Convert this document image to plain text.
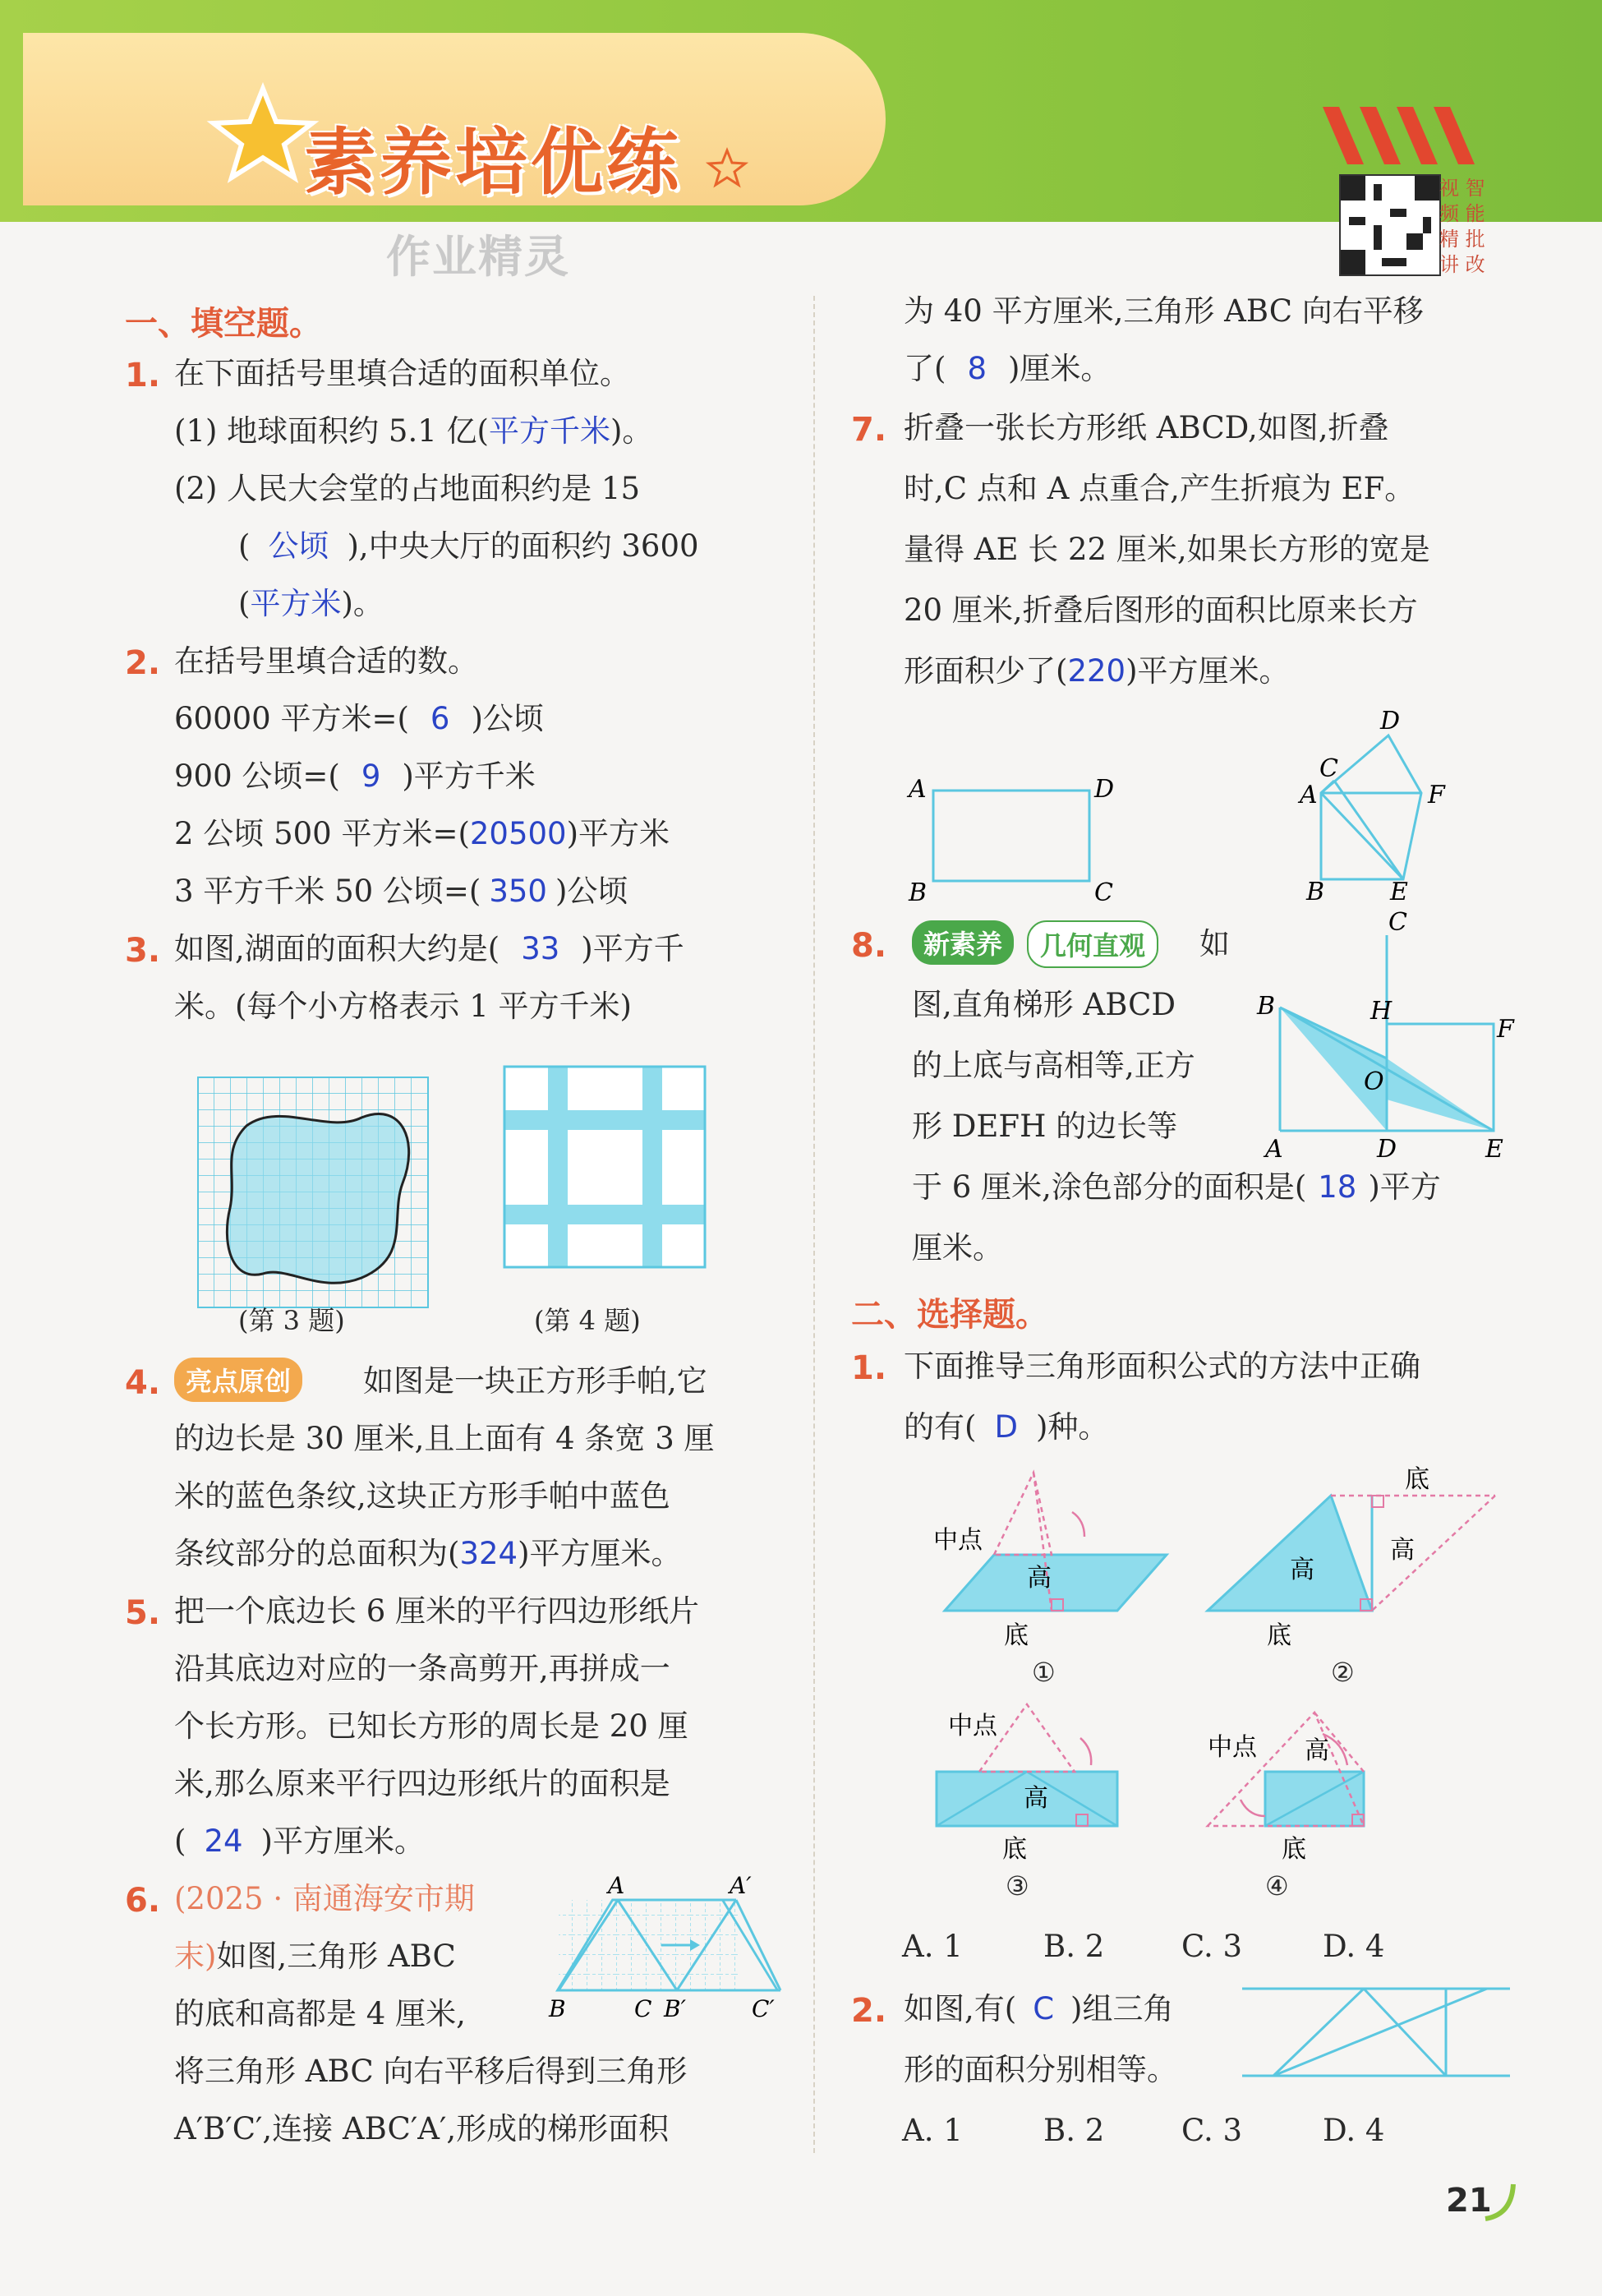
素养培优练	视 智
频 能
精 批
讲 改
作业精灵
一、填空题。
1. 在下面括号里填合适的面积单位。
(1) 地球面积约 5.1 亿(平方千米)。
(2) 人民大会堂的占地面积约是 15
( 公顷 ),中央大厅的面积约 3600
(平方米)。
2. 在括号里填合适的数。
60000 平方米=( 6 )公顷
900 公顷=( 9 )平方千米
2 公顷 500 平方米=(20500)平方米
3 平方千米 50 公顷=( 350 )公顷
3. 如图,湖面的面积大约是( 33 )平方千
米。(每个小方格表示 1 平方千米)
(第 3 题)	(第 4 题)
4. 亮点原创	如图是一块正方形手帕,它
的边长是 30 厘米,且上面有 4 条宽 3 厘
米的蓝色条纹,这块正方形手帕中蓝色
条纹部分的总面积为(324)平方厘米。
5. 把一个底边长 6 厘米的平行四边形纸片
沿其底边对应的一条高剪开,再拼成一
个长方形。已知长方形的周长是 20 厘
米,那么原来平行四边形纸片的面积是
( 24 )平方厘米。
6. (2025 · 南通海安市期
末)如图,三角形 ABC
的底和高都是 4 厘米,
将三角形 ABC 向右平移后得到三角形
A′B′C′,连接 ABC′A′,形成的梯形面积
A	A′
B	C B′	C′
为 40 平方厘米,三角形 ABC 向右平移
了( 8 )厘米。
7. 折叠一张长方形纸 ABCD,如图,折叠
时,C 点和 A 点重合,产生折痕为 EF。
量得 AE 长 22 厘米,如果长方形的宽是
20 厘米,折叠后图形的面积比原来长方
形面积少了(220)平方厘米。
A	D
B	C
D
C
A	F
B	E
8.	新素养	几何直观	如
图,直角梯形 ABCD
的上底与高相等,正方
形 DEFH 的边长等
于 6 厘米,涂色部分的面积是( 18 )平方
厘米。
C
B	H
F
O
A	D	E
二、选择题。
1. 下面推导三角形面积公式的方法中正确
的有( D )种。
中点
高
底
①
底
高
高
底
②
中点
高
底
③
中点 高
底
④
A. 1	B. 2	C. 3	D. 4
2. 如图,有( C )组三角
形的面积分别相等。
A. 1	B. 2	C. 3	D. 4
21
